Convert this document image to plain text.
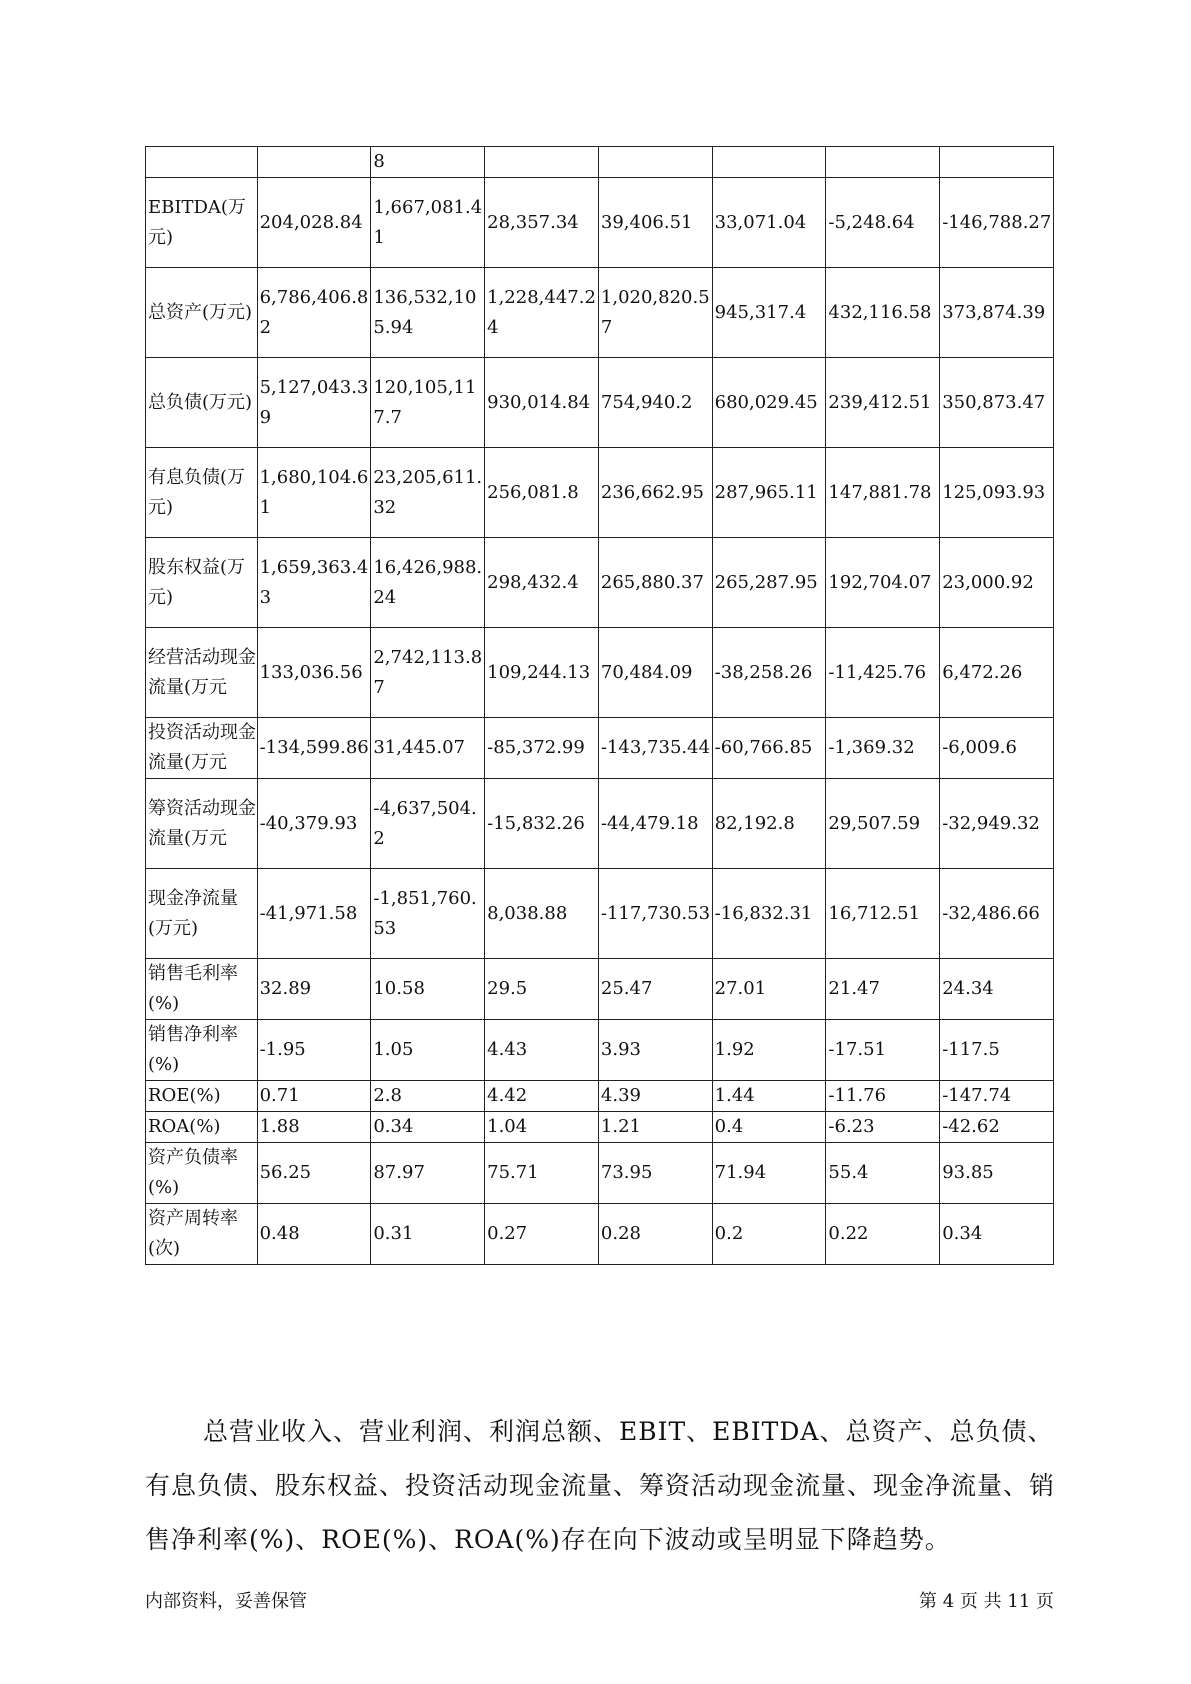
		8					
EBITDA(万元)	204,028.84	1,667,081.41	28,357.34	39,406.51	33,071.04	-5,248.64	-146,788.27
总资产(万元)	6,786,406.82	136,532,105.94	1,228,447.24	1,020,820.57	945,317.4	432,116.58	373,874.39
总负债(万元)	5,127,043.39	120,105,117.7	930,014.84	754,940.2	680,029.45	239,412.51	350,873.47
有息负债(万元)	1,680,104.61	23,205,611.32	256,081.8	236,662.95	287,965.11	147,881.78	125,093.93
股东权益(万元)	1,659,363.43	16,426,988.24	298,432.4	265,880.37	265,287.95	192,704.07	23,000.92
经营活动现金流量(万元	133,036.56	2,742,113.87	109,244.13	70,484.09	-38,258.26	-11,425.76	6,472.26
投资活动现金流量(万元	-134,599.86	31,445.07	-85,372.99	-143,735.44	-60,766.85	-1,369.32	-6,009.6
筹资活动现金流量(万元	-40,379.93	-4,637,504.2	-15,832.26	-44,479.18	82,192.8	29,507.59	-32,949.32
现金净流量(万元)	-41,971.58	-1,851,760.53	8,038.88	-117,730.53	-16,832.31	16,712.51	-32,486.66
销售毛利率(%)	32.89	10.58	29.5	25.47	27.01	21.47	24.34
销售净利率(%)	-1.95	1.05	4.43	3.93	1.92	-17.51	-117.5
ROE(%)	0.71	2.8	4.42	4.39	1.44	-11.76	-147.74
ROA(%)	1.88	0.34	1.04	1.21	0.4	-6.23	-42.62
资产负债率(%)	56.25	87.97	75.71	73.95	71.94	55.4	93.85
资产周转率(次)	0.48	0.31	0.27	0.28	0.2	0.22	0.34

总营业收入、营业利润、利润总额、EBIT、EBITDA、总资产、总负债、有息负债、股东权益、投资活动现金流量、筹资活动现金流量、现金净流量、销售净利率(%)、ROE(%)、ROA(%)存在向下波动或呈明显下降趋势。

内部资料，妥善保管	第 4 页 共 11 页
